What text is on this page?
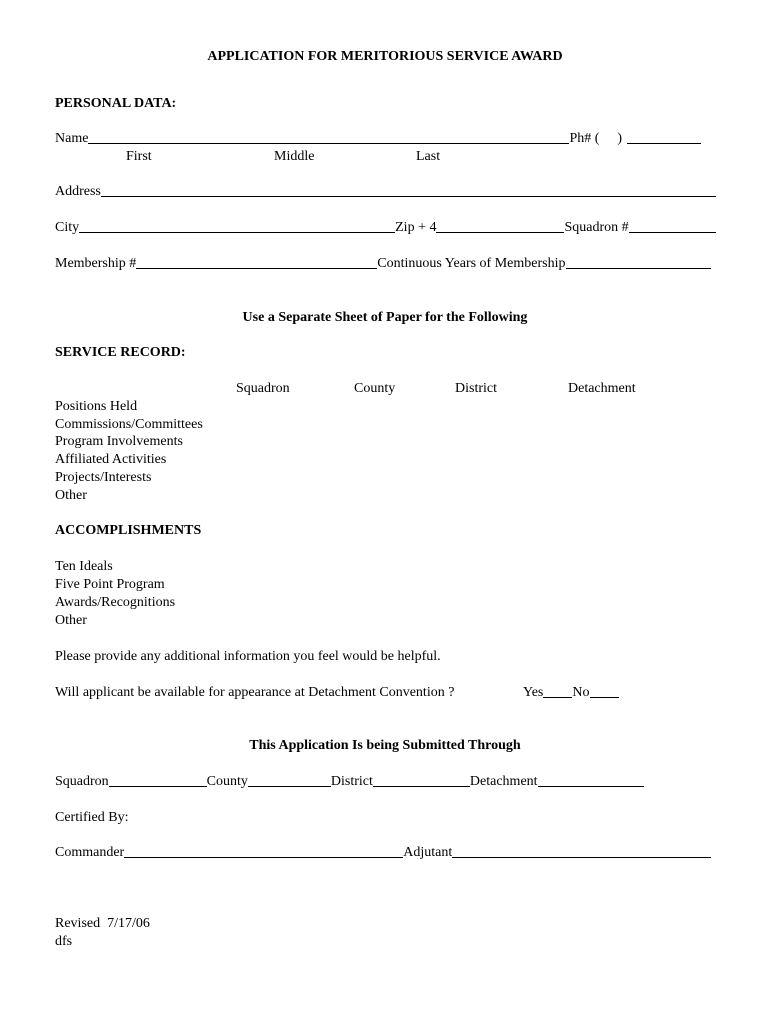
APPLICATION FOR MERITORIOUS SERVICE AWARD
PERSONAL DATA:
Name	Ph# ( )
First	Middle	Last
Address
City	Zip + 4	Squadron #
Membership #	Continuous Years of Membership
Use a Separate Sheet of Paper for the Following
SERVICE RECORD:
Squadron	County	District	Detachment
Positions Held
Commissions/Committees
Program Involvements
Affiliated Activities
Projects/Interests
Other
ACCOMPLISHMENTS
Ten Ideals
Five Point Program
Awards/Recognitions
Other
Please provide any additional information you feel would be helpful.
Will applicant be available for appearance at Detachment Convention ?	Yes No
This Application Is being Submitted Through
Squadron	County	District	Detachment
Certified By:
Commander	Adjutant
Revised  7/17/06
dfs
